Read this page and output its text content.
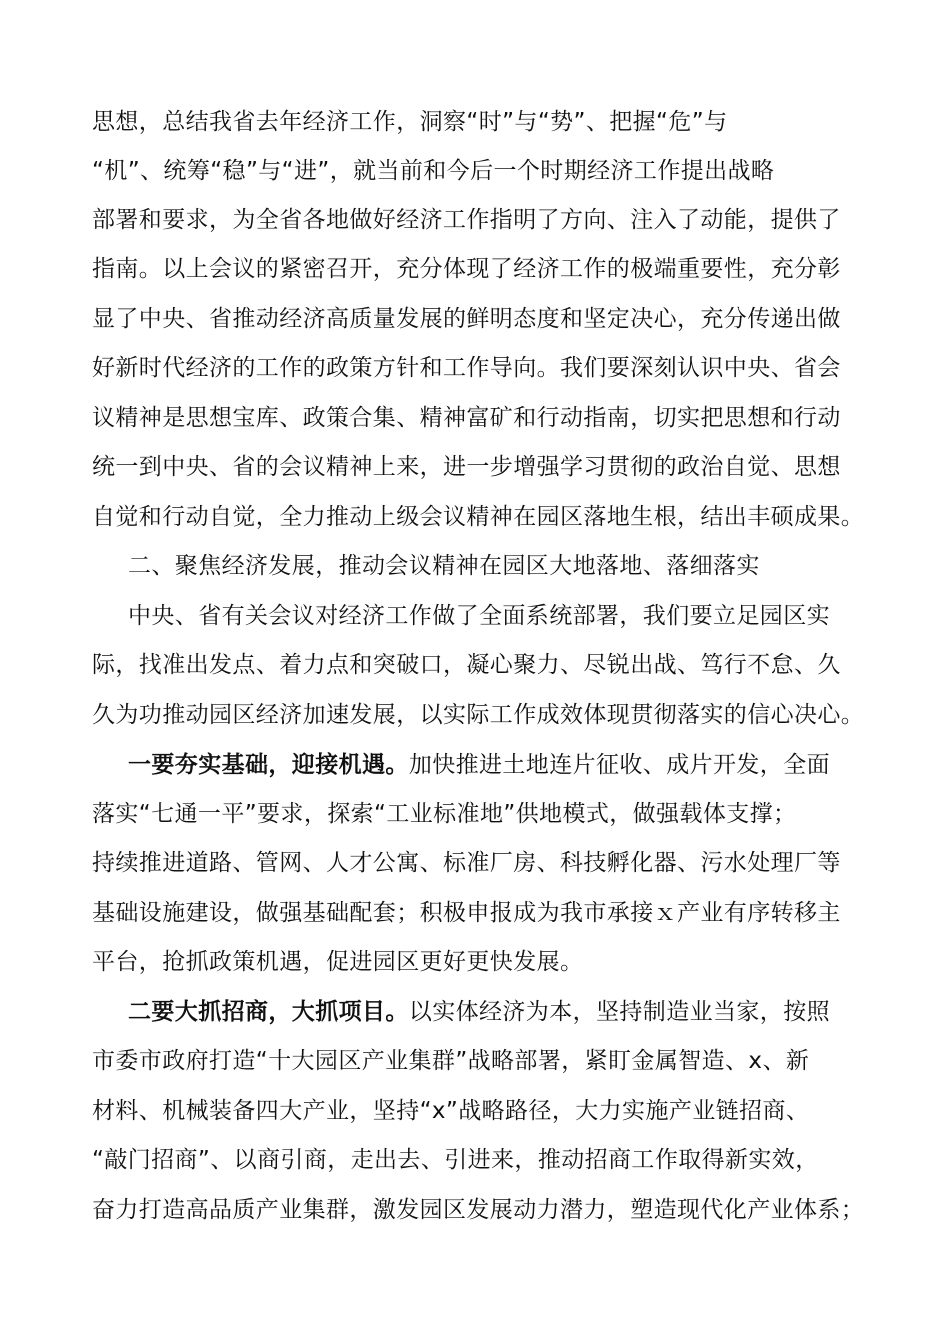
思想，总结我省去年经济工作，洞察“时”与“势”、把握“危”与
“机”、统筹“稳”与“进”，就当前和今后一个时期经济工作提出战略
部署和要求，为全省各地做好经济工作指明了方向、注入了动能，提供了
指南。以上会议的紧密召开，充分体现了经济工作的极端重要性，充分彰
显了中央、省推动经济高质量发展的鲜明态度和坚定决心，充分传递出做
好新时代经济的工作的政策方针和工作导向。我们要深刻认识中央、省会
议精神是思想宝库、政策合集、精神富矿和行动指南，切实把思想和行动
统一到中央、省的会议精神上来，进一步增强学习贯彻的政治自觉、思想
自觉和行动自觉，全力推动上级会议精神在园区落地生根，结出丰硕成果。
二、聚焦经济发展，推动会议精神在园区大地落地、落细落实
中央、省有关会议对经济工作做了全面系统部署，我们要立足园区实
际，找准出发点、着力点和突破口，凝心聚力、尽锐出战、笃行不怠、久
久为功推动园区经济加速发展，以实际工作成效体现贯彻落实的信心决心。
一要夯实基础，迎接机遇。加快推进土地连片征收、成片开发，全面
落实“七通一平”要求，探索“工业标准地”供地模式，做强载体支撑；
持续推进道路、管网、人才公寓、标准厂房、科技孵化器、污水处理厂等
基础设施建设，做强基础配套；积极申报成为我市承接ｘ产业有序转移主
平台，抢抓政策机遇，促进园区更好更快发展。
二要大抓招商，大抓项目。以实体经济为本，坚持制造业当家，按照
市委市政府打造“十大园区产业集群”战略部署，紧盯金属智造、x、新
材料、机械装备四大产业，坚持“x”战略路径，大力实施产业链招商、
“敲门招商”、以商引商，走出去、引进来，推动招商工作取得新实效，
奋力打造高品质产业集群，激发园区发展动力潜力，塑造现代化产业体系；
